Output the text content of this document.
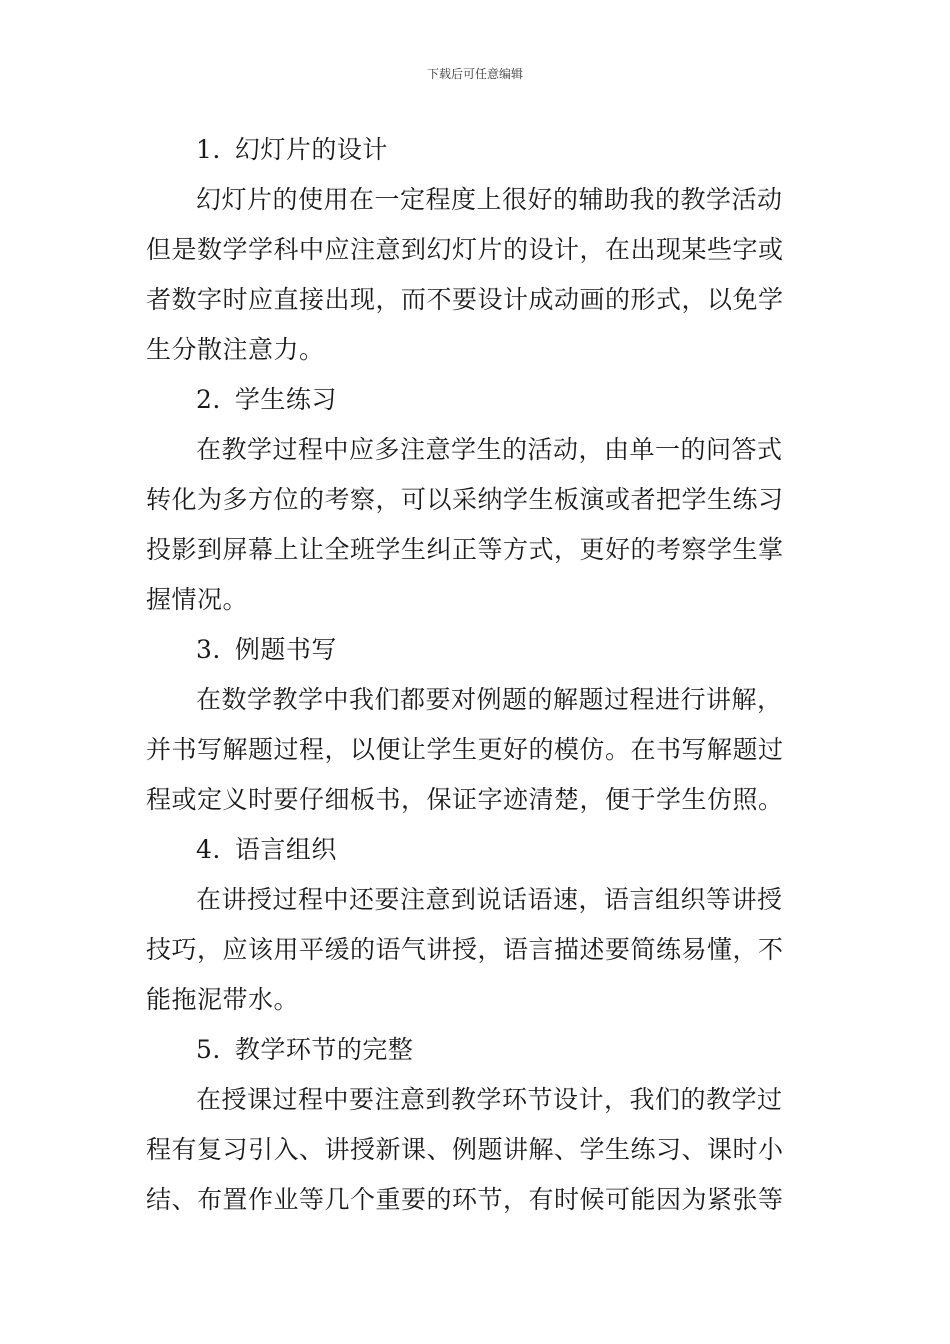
下载后可任意编辑
1. 幻灯片的设计
幻灯片的使用在一定程度上很好的辅助我的教学活动
但是数学学科中应注意到幻灯片的设计，在出现某些字或
者数字时应直接出现，而不要设计成动画的形式，以免学
生分散注意力。
2. 学生练习
在教学过程中应多注意学生的活动，由单一的问答式
转化为多方位的考察，可以采纳学生板演或者把学生练习
投影到屏幕上让全班学生纠正等方式，更好的考察学生掌
握情况。
3. 例题书写
在数学教学中我们都要对例题的解题过程进行讲解，
并书写解题过程，以便让学生更好的模仿。在书写解题过
程或定义时要仔细板书，保证字迹清楚，便于学生仿照。
4. 语言组织
在讲授过程中还要注意到说话语速，语言组织等讲授
技巧，应该用平缓的语气讲授，语言描述要简练易懂，不
能拖泥带水。
5. 教学环节的完整
在授课过程中要注意到教学环节设计，我们的教学过
程有复习引入、讲授新课、例题讲解、学生练习、课时小
结、布置作业等几个重要的环节，有时候可能因为紧张等
